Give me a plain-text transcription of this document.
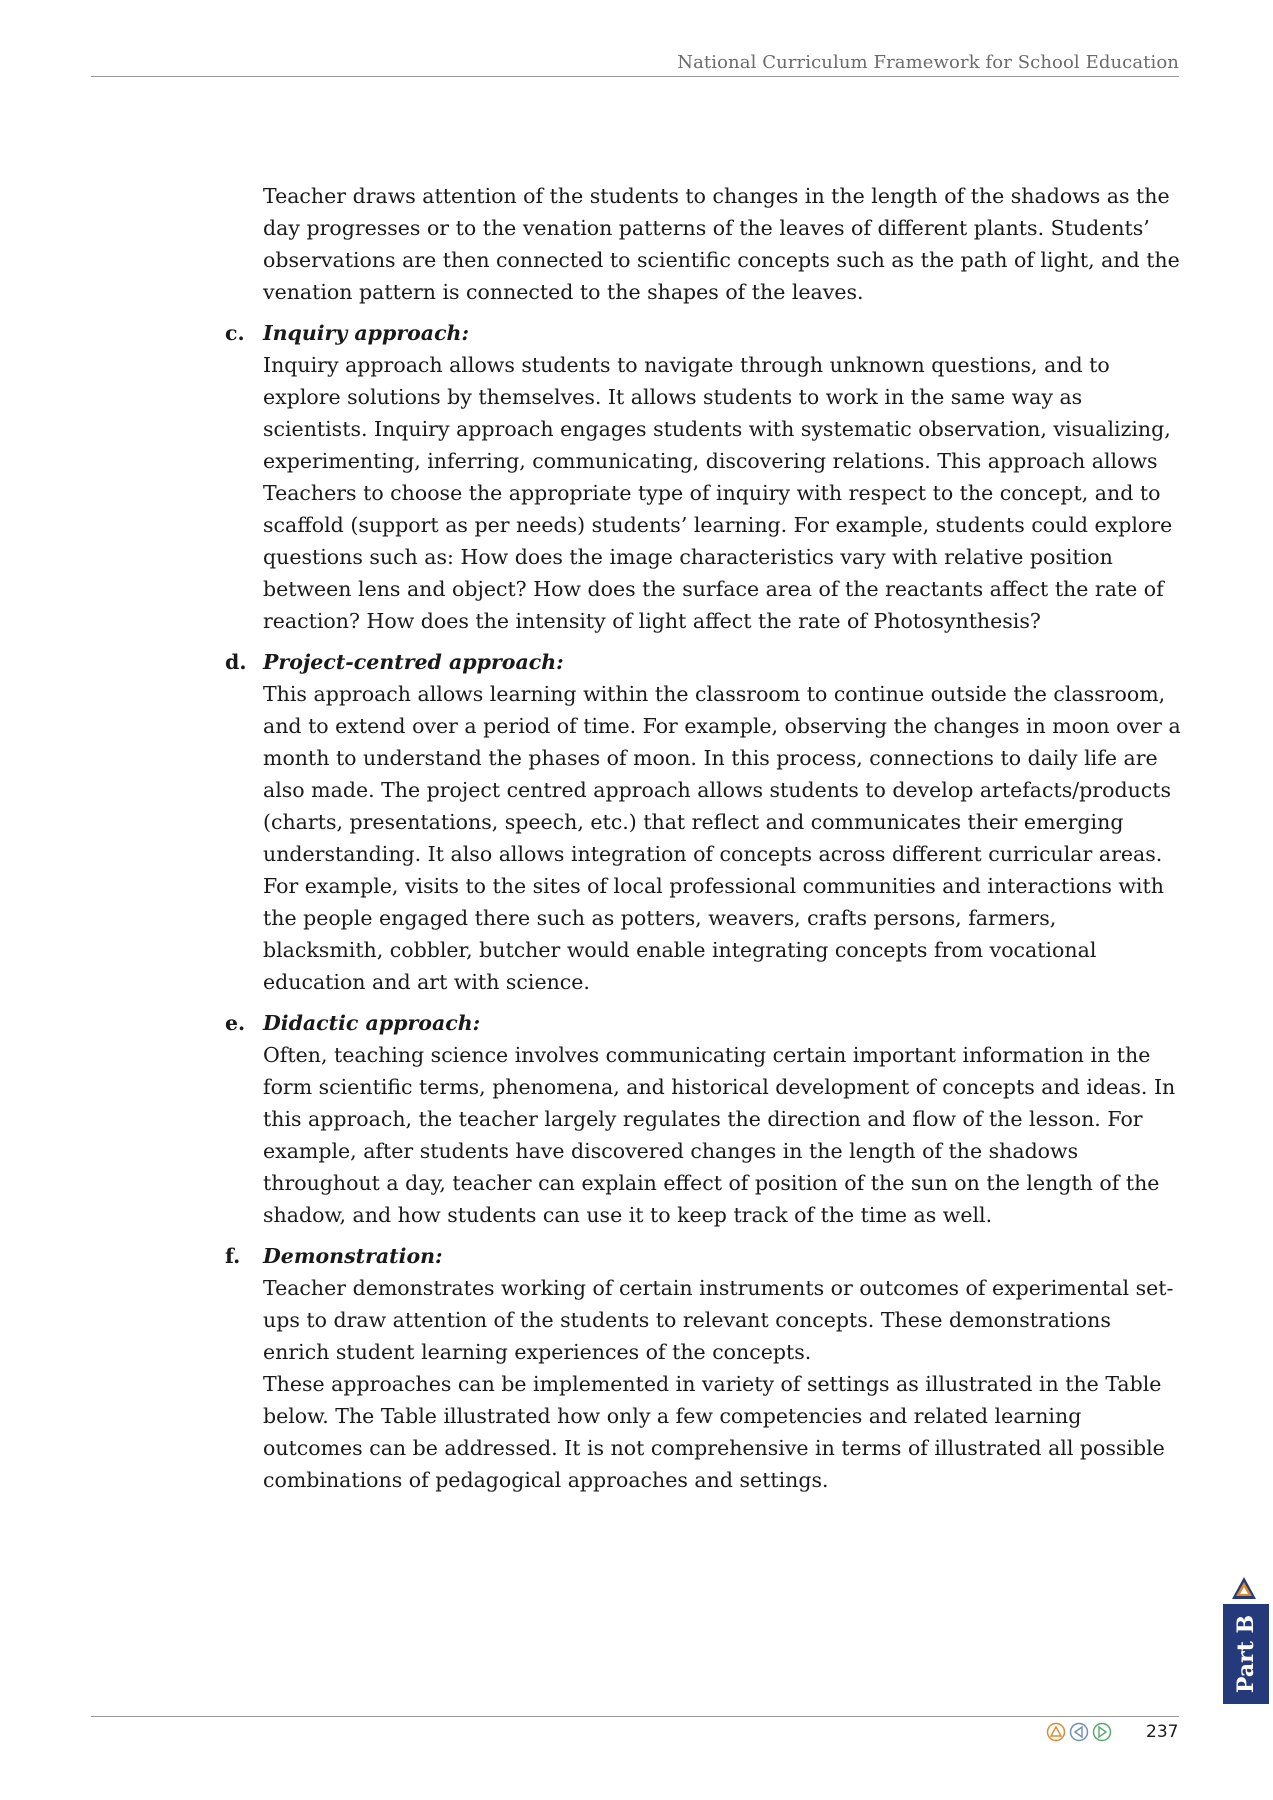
National Curriculum Framework for School Education

Teacher draws attention of the students to changes in the length of the shadows as the day progresses or to the venation patterns of the leaves of different plants. Students’ observations are then connected to scientific concepts such as the path of light, and the venation pattern is connected to the shapes of the leaves.

c. Inquiry approach:

Inquiry approach allows students to navigate through unknown questions, and to explore solutions by themselves. It allows students to work in the same way as scientists. Inquiry approach engages students with systematic observation, visualizing, experimenting, inferring, communicating, discovering relations. This approach allows Teachers to choose the appropriate type of inquiry with respect to the concept, and to scaffold (support as per needs) students’ learning. For example, students could explore questions such as: How does the image characteristics vary with relative position between lens and object? How does the surface area of the reactants affect the rate of reaction? How does the intensity of light affect the rate of Photosynthesis?

d. Project-centred approach:

This approach allows learning within the classroom to continue outside the classroom, and to extend over a period of time. For example, observing the changes in moon over a month to understand the phases of moon. In this process, connections to daily life are also made. The project centred approach allows students to develop artefacts/products (charts, presentations, speech, etc.) that reflect and communicates their emerging understanding. It also allows integration of concepts across different curricular areas. For example, visits to the sites of local professional communities and interactions with the people engaged there such as potters, weavers, crafts persons, farmers, blacksmith, cobbler, butcher would enable integrating concepts from vocational education and art with science.

e. Didactic approach:

Often, teaching science involves communicating certain important information in the form scientific terms, phenomena, and historical development of concepts and ideas. In this approach, the teacher largely regulates the direction and flow of the lesson. For example, after students have discovered changes in the length of the shadows throughout a day, teacher can explain effect of position of the sun on the length of the shadow, and how students can use it to keep track of the time as well.

f. Demonstration:

Teacher demonstrates working of certain instruments or outcomes of experimental set-ups to draw attention of the students to relevant concepts. These demonstrations enrich student learning experiences of the concepts.

These approaches can be implemented in variety of settings as illustrated in the Table below. The Table illustrated how only a few competencies and related learning outcomes can be addressed. It is not comprehensive in terms of illustrated all possible combinations of pedagogical approaches and settings.

Part B
237
